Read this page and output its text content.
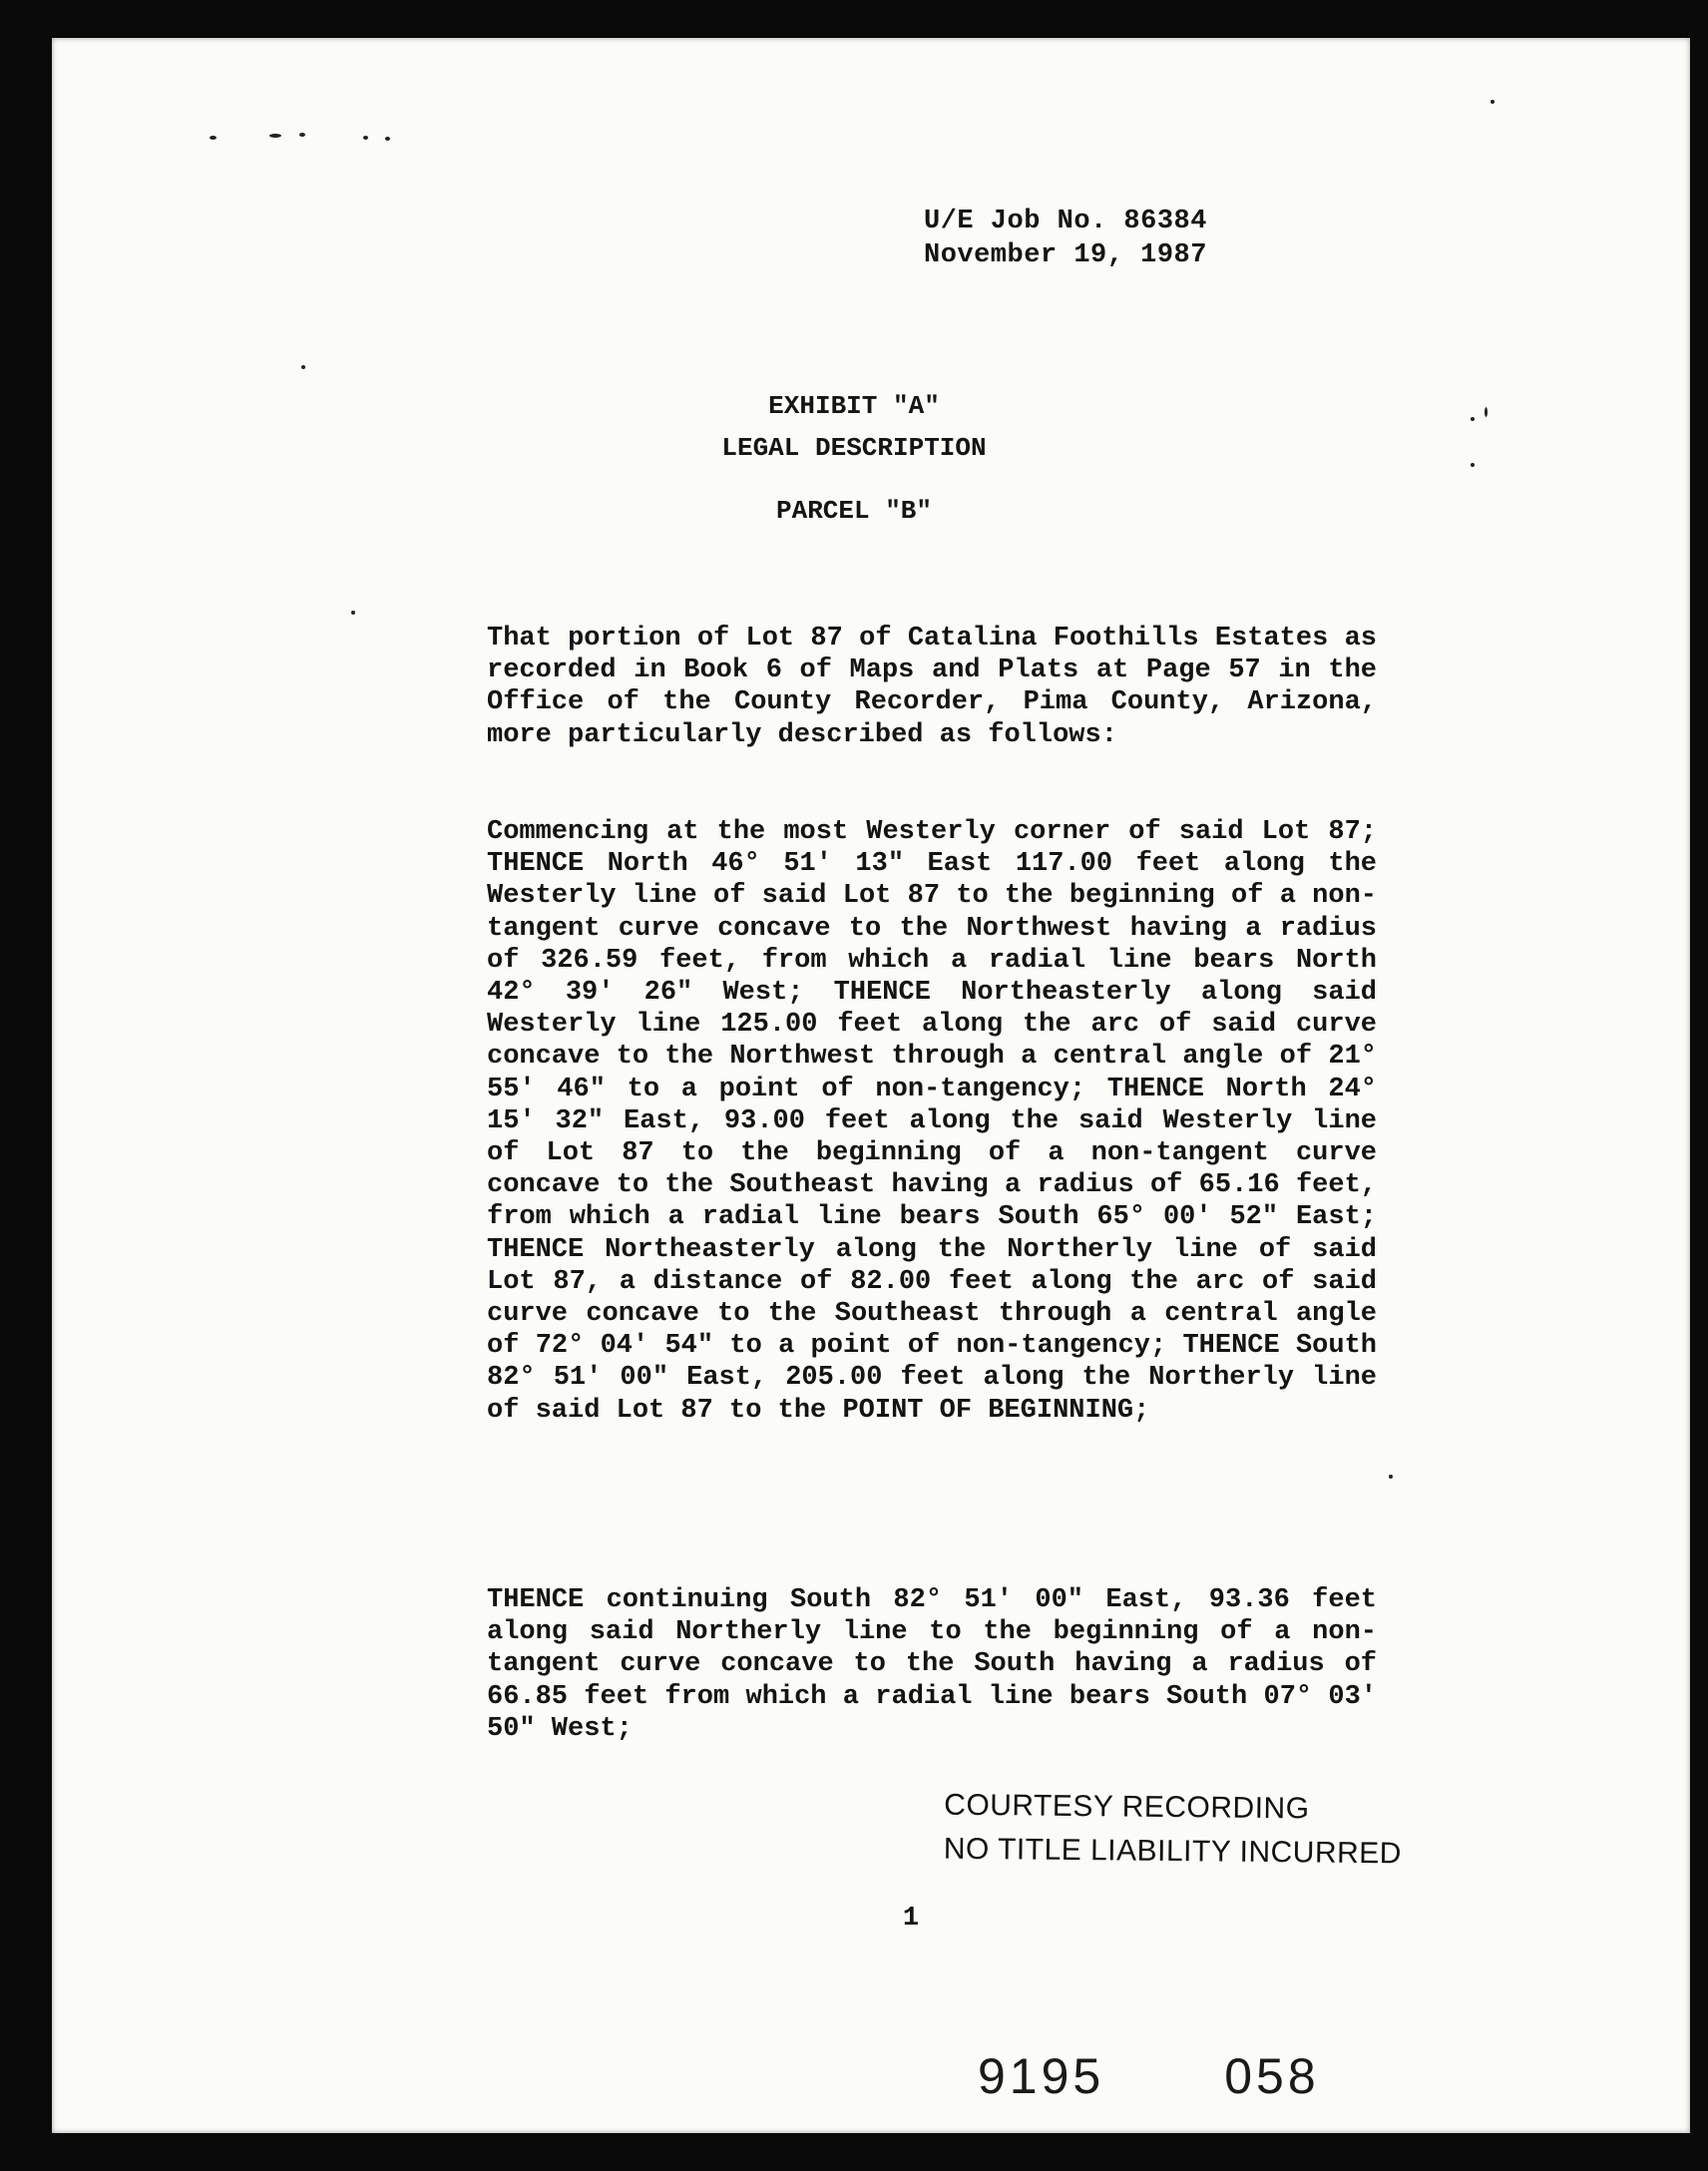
U/E Job No. 86384
November 19, 1987
EXHIBIT "A"
LEGAL DESCRIPTION
PARCEL "B"

That portion of Lot 87 of Catalina Foothills Estates as recorded in Book 6 of Maps and Plats at Page 57 in the Office of the County Recorder, Pima County, Arizona, more particularly described as follows:

Commencing at the most Westerly corner of said Lot 87; THENCE North 46° 51' 13" East 117.00 feet along the Westerly line of said Lot 87 to the beginning of a non-tangent curve concave to the Northwest having a radius of 326.59 feet, from which a radial line bears North 42° 39' 26" West; THENCE Northeasterly along said Westerly line 125.00 feet along the arc of said curve concave to the Northwest through a central angle of 21° 55' 46" to a point of non-tangency; THENCE North 24° 15' 32" East, 93.00 feet along the said Westerly line of Lot 87 to the beginning of a non-tangent curve concave to the Southeast having a radius of 65.16 feet, from which a radial line bears South 65° 00' 52" East; THENCE Northeasterly along the Northerly line of said Lot 87, a distance of 82.00 feet along the arc of said curve concave to the Southeast through a central angle of 72° 04' 54" to a point of non-tangency; THENCE South 82° 51' 00" East, 205.00 feet along the Northerly line of said Lot 87 to the POINT OF BEGINNING;

THENCE continuing South 82° 51' 00" East, 93.36 feet along said Northerly line to the beginning of a non-tangent curve concave to the South having a radius of 66.85 feet from which a radial line bears South 07° 03' 50" West;

COURTESY RECORDING
NO TITLE LIABILITY INCURRED
1
9195 058
